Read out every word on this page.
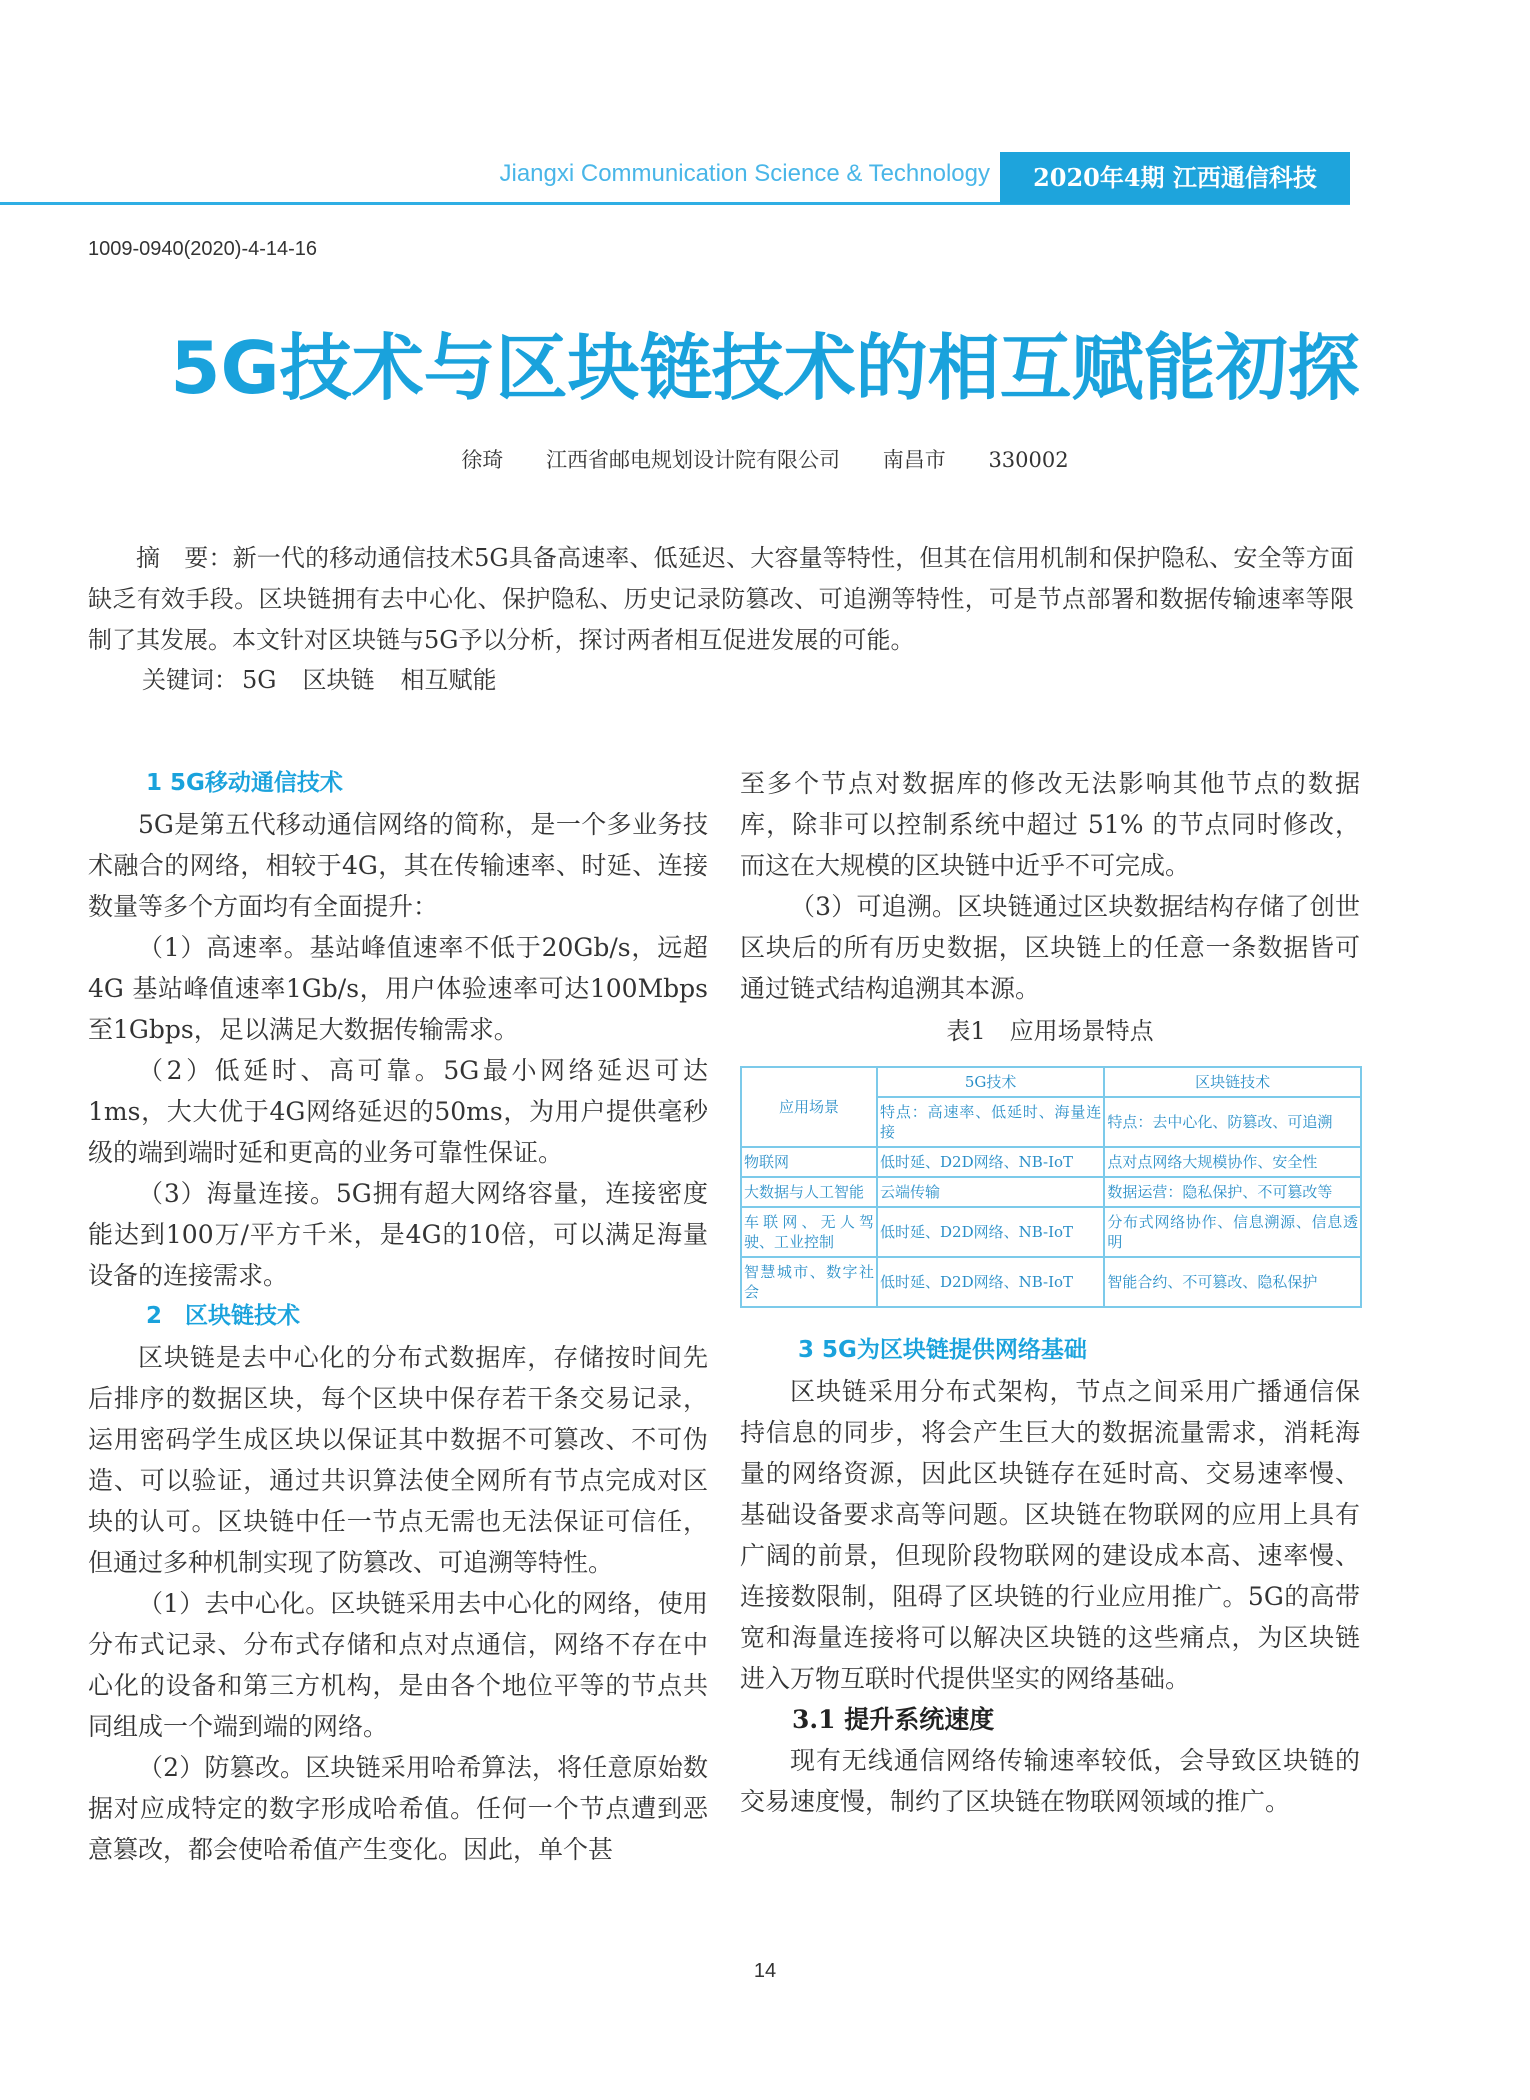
Jiangxi Communication Science & Technology	2020年4期 江西通信科技
1009-0940(2020)-4-14-16
5G技术与区块链技术的相互赋能初探
徐琦 江西省邮电规划设计院有限公司 南昌市 330002

摘　要：新一代的移动通信技术5G具备高速率、低延迟、大容量等特性，但其在信用机制和保护隐私、安全等方面缺乏有效手段。区块链拥有去中心化、保护隐私、历史记录防篡改、可追溯等特性，可是节点部署和数据传输速率等限制了其发展。本文针对区块链与5G予以分析，探讨两者相互促进发展的可能。

关键词： 5G 区块链 相互赋能

1 5G移动通信技术

5G是第五代移动通信网络的简称，是一个多业务技术融合的网络，相较于4G，其在传输速率、时延、连接数量等多个方面均有全面提升：

（1）高速率。基站峰值速率不低于20Gb/s，远超4G 基站峰值速率1Gb/s，用户体验速率可达100Mbps至1Gbps，足以满足大数据传输需求。

（2）低延时、高可靠。5G最小网络延迟可达1ms，大大优于4G网络延迟的50ms，为用户提供毫秒级的端到端时延和更高的业务可靠性保证。

（3）海量连接。5G拥有超大网络容量，连接密度能达到100万/平方千米，是4G的10倍，可以满足海量设备的连接需求。

2　区块链技术

区块链是去中心化的分布式数据库，存储按时间先后排序的数据区块，每个区块中保存若干条交易记录，运用密码学生成区块以保证其中数据不可篡改、不可伪造、可以验证，通过共识算法使全网所有节点完成对区块的认可。区块链中任一节点无需也无法保证可信任，但通过多种机制实现了防篡改、可追溯等特性。

（1）去中心化。区块链采用去中心化的网络，使用分布式记录、分布式存储和点对点通信，网络不存在中心化的设备和第三方机构，是由各个地位平等的节点共同组成一个端到端的网络。

（2）防篡改。区块链采用哈希算法，将任意原始数据对应成特定的数字形成哈希值。任何一个节点遭到恶意篡改，都会使哈希值产生变化。因此，单个甚

至多个节点对数据库的修改无法影响其他节点的数据库，除非可以控制系统中超过 51% 的节点同时修改，而这在大规模的区块链中近乎不可完成。

（3）可追溯。区块链通过区块数据结构存储了创世区块后的所有历史数据，区块链上的任意一条数据皆可通过链式结构追溯其本源。

表1　应用场景特点

应用场景	5G技术	区块链技术
	特点：高速率、低延时、海量连接	特点：去中心化、防篡改、可追溯
物联网	低时延、D2D网络、NB-IoT	点对点网络大规模协作、安全性
大数据与人工智能	云端传输	数据运营：隐私保护、不可篡改等
车联网、无人驾驶、工业控制	低时延、D2D网络、NB-IoT	分布式网络协作、信息溯源、信息透明
智慧城市、数字社会	低时延、D2D网络、NB-IoT	智能合约、不可篡改、隐私保护

3 5G为区块链提供网络基础

区块链采用分布式架构，节点之间采用广播通信保持信息的同步，将会产生巨大的数据流量需求，消耗海量的网络资源，因此区块链存在延时高、交易速率慢、基础设备要求高等问题。区块链在物联网的应用上具有广阔的前景，但现阶段物联网的建设成本高、速率慢、连接数限制，阻碍了区块链的行业应用推广。5G的高带宽和海量连接将可以解决区块链的这些痛点，为区块链进入万物互联时代提供坚实的网络基础。

3.1 提升系统速度

现有无线通信网络传输速率较低，会导致区块链的交易速度慢，制约了区块链在物联网领域的推广。

14
